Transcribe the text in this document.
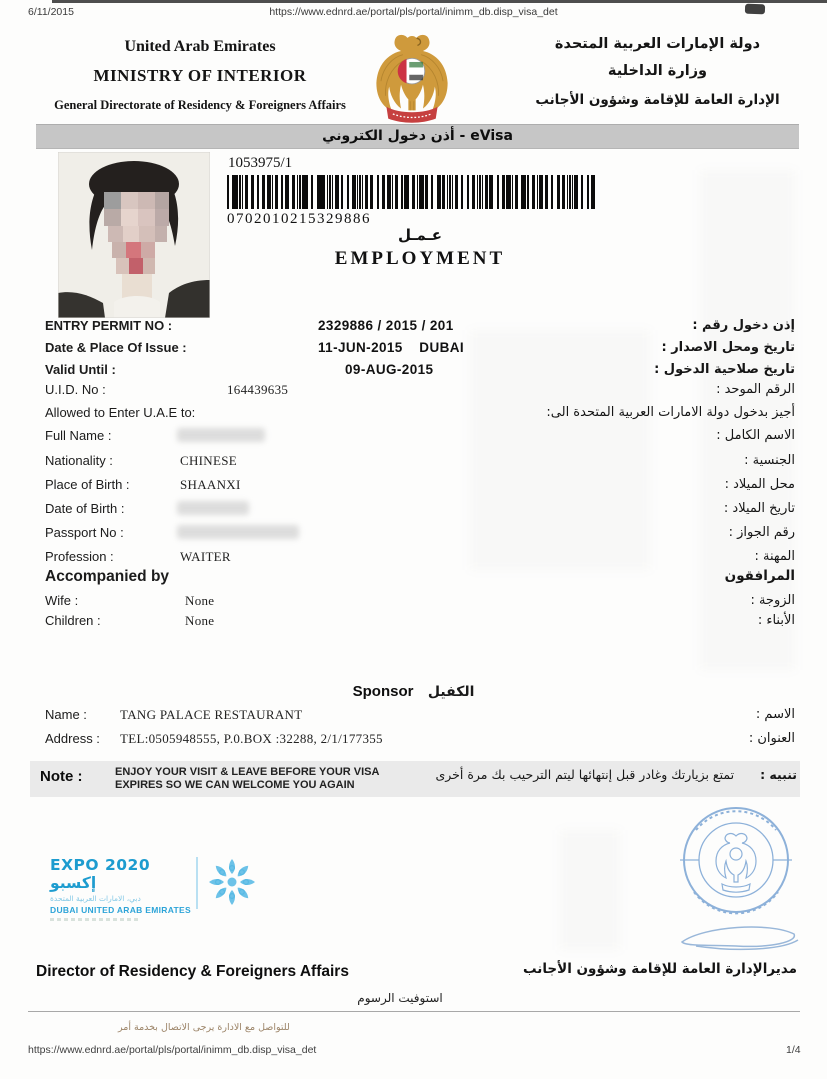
6/11/2015	https://www.ednrd.ae/portal/pls/portal/inimm_db.disp_visa_det
United Arab Emirates
MINISTRY OF INTERIOR
General Directorate of Residency & Foreigners Affairs
دولة الإمارات العربية المتحدة
وزارة الداخلية
الإدارة العامة للإقامة وشؤون الأجانب
أذن دخول الكتروني - eVisa
1053975/1
0702010215329886
عـمـل
EMPLOYMENT
ENTRY PERMIT NO :	2329886 / 2015 / 201	إذن دخول رقم :
Date & Place Of Issue :	11-JUN-2015    DUBAI	تاريخ ومحل الاصدار :
Valid Until :	09-AUG-2015	تاريخ صلاحية الدخول :
U.I.D. No :	164439635	الرقم الموحد :
Allowed to Enter U.A.E to:	أجيز بدخول دولة الامارات العربية المتحدة الى:
Full Name :	الاسم الكامل :
Nationality :	CHINESE	الجنسية :
Place of Birth :	SHAANXI	محل الميلاد :
Date of Birth :	تاريخ الميلاد :
Passport No :	رقم الجواز :
Profession :	WAITER	المهنة :
Accompanied by	المرافقون
Wife :	None	الزوجة :
Children :	None	الأبناء :
Sponsor الكفيل
Name :	TANG PALACE RESTAURANT	الاسم :
Address : TEL:0505948555, P.0.BOX :32288, 2/1/177355	العنوان :
Note :	ENJOY YOUR VISIT & LEAVE BEFORE YOUR VISA
EXPIRES SO WE CAN WELCOME YOU AGAIN
تنبيه :تمتع بزيارتك وغادر قبل إنتهائها ليتم الترحيب بك مرة أخرى
EXPO 2020 إكسبو
دبي، الامارات العربية المتحدة
DUBAI UNITED ARAB EMIRATES
Director of Residency & Foreigners Affairs	مديرالإدارة العامة للإقامة وشؤون الأجانب
استوفيت الرسوم
للتواصل مع الادارة يرجى الاتصال بخدمة أمر
https://www.ednrd.ae/portal/pls/portal/inimm_db.disp_visa_det	1/4
